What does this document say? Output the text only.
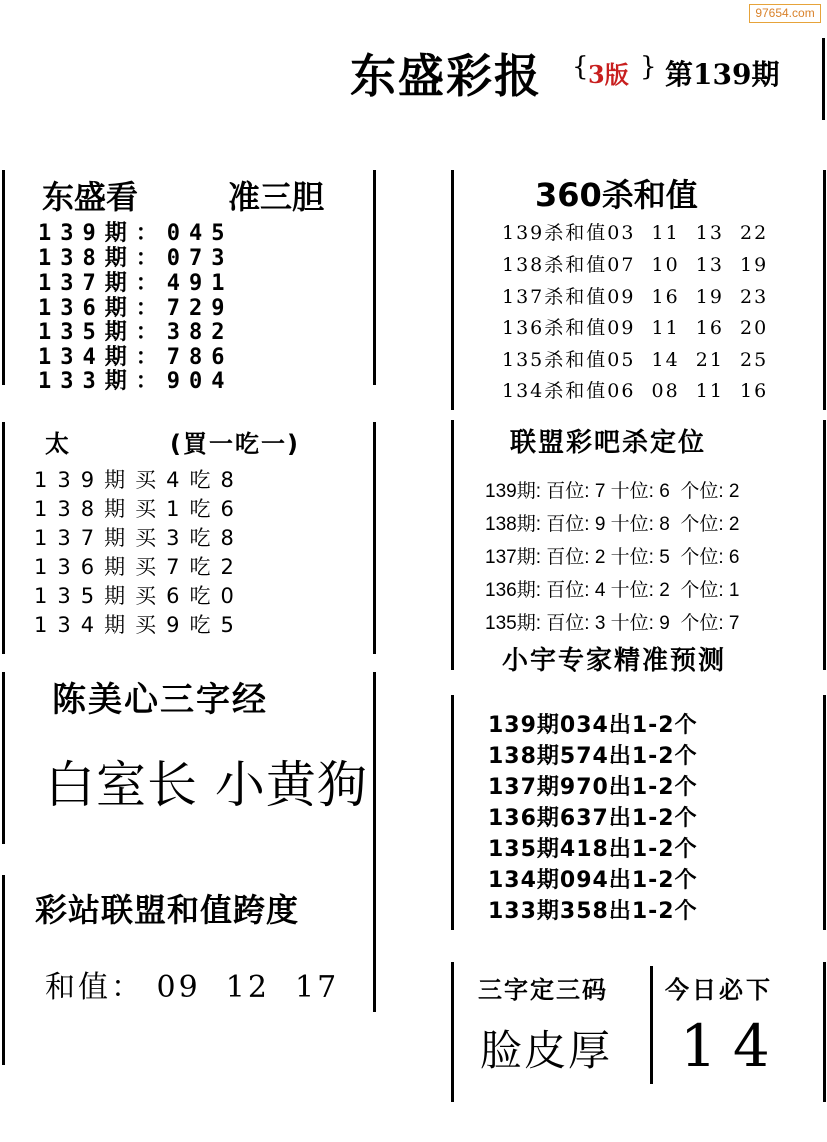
97654.com
东盛彩报 { 3版 } 第139期
东盛看	准三胆
139期：045
138期：073
137期：491
136期：729
135期：382
134期：786
133期：904
360杀和值
139杀和值03  11  13  22
138杀和值07  10  13  19
137杀和值09  16  19  23
136杀和值09  11  16  20
135杀和值05  14  21  25
134杀和值06  08  11  16
太	(買一吃一)
139期买4吃8
138期买1吃6
137期买3吃8
136期买7吃2
135期买6吃0
134期买9吃5
联盟彩吧杀定位
139期: 百位: 7 十位: 6  个位: 2
138期: 百位: 9 十位: 8  个位: 2
137期: 百位: 2 十位: 5  个位: 6
136期: 百位: 4 十位: 2  个位: 1
135期: 百位: 3 十位: 9  个位: 7
陈美心三字经
白室长 小黄狗
小宇专家精准预测
139期034出1-2个
138期574出1-2个
137期970出1-2个
136期637出1-2个
135期418出1-2个
134期094出1-2个
133期358出1-2个
彩站联盟和值跨度
和值： 09  12  17	三字定三码
脸皮厚
今日必下
14
